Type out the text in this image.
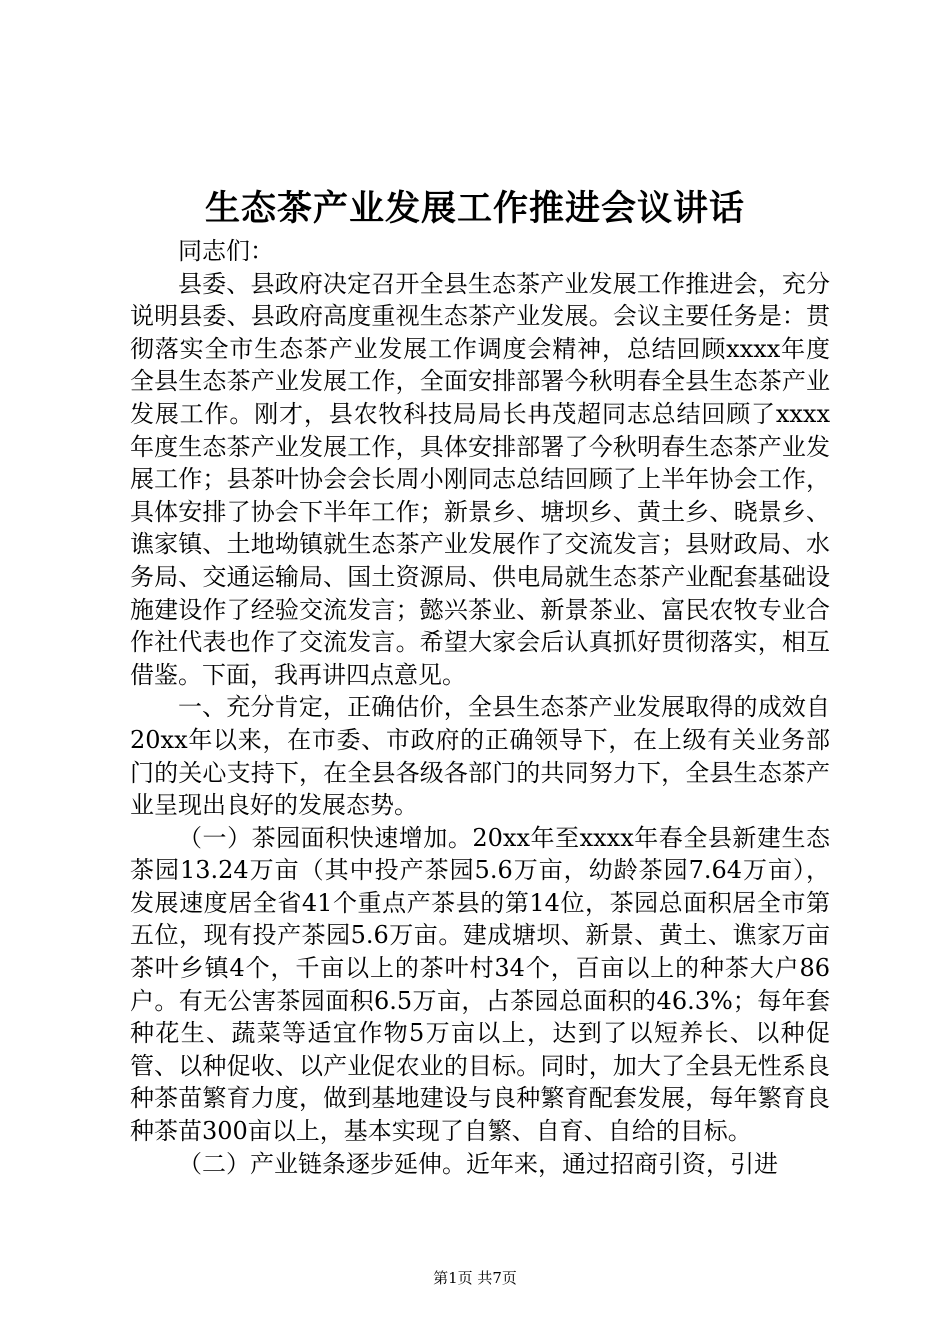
生态茶产业发展工作推进会议讲话

同志们：

县委、县政府决定召开全县生态茶产业发展工作推进会，充分说明县委、县政府高度重视生态茶产业发展。会议主要任务是：贯彻落实全市生态茶产业发展工作调度会精神，总结回顾xxxx年度全县生态茶产业发展工作，全面安排部署今秋明春全县生态茶产业发展工作。刚才，县农牧科技局局长冉茂超同志总结回顾了xxxx年度生态茶产业发展工作，具体安排部署了今秋明春生态茶产业发展工作；县茶叶协会会长周小刚同志总结回顾了上半年协会工作，具体安排了协会下半年工作；新景乡、塘坝乡、黄土乡、晓景乡、谯家镇、土地坳镇就生态茶产业发展作了交流发言；县财政局、水务局、交通运输局、国土资源局、供电局就生态茶产业配套基础设施建设作了经验交流发言；懿兴茶业、新景茶业、富民农牧专业合作社代表也作了交流发言。希望大家会后认真抓好贯彻落实，相互借鉴。下面，我再讲四点意见。

一、充分肯定，正确估价，全县生态茶产业发展取得的成效自20xx年以来，在市委、市政府的正确领导下，在上级有关业务部门的关心支持下，在全县各级各部门的共同努力下，全县生态茶产业呈现出良好的发展态势。

（一）茶园面积快速增加。20xx年至xxxx年春全县新建生态茶园13.24万亩（其中投产茶园5.6万亩，幼龄茶园7.64万亩），发展速度居全省41个重点产茶县的第14位，茶园总面积居全市第五位，现有投产茶园5.6万亩。建成塘坝、新景、黄土、谯家万亩茶叶乡镇4个，千亩以上的茶叶村34个，百亩以上的种茶大户86户。有无公害茶园面积6.5万亩，占茶园总面积的46.3%；每年套种花生、蔬菜等适宜作物5万亩以上，达到了以短养长、以种促管、以种促收、以产业促农业的目标。同时，加大了全县无性系良种茶苗繁育力度，做到基地建设与良种繁育配套发展，每年繁育良种茶苗300亩以上，基本实现了自繁、自育、自给的目标。

（二）产业链条逐步延伸。近年来，通过招商引资，引进

第1页 共7页
